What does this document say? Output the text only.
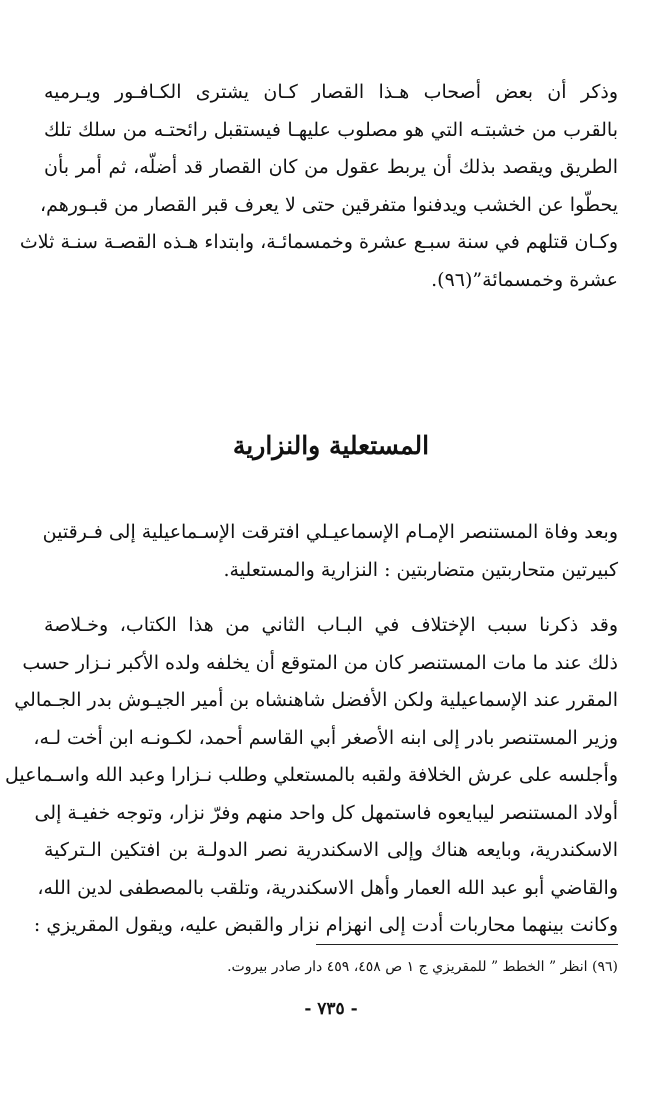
وذكر أن بعض أصحاب هـذا القصار كـان يشترى الكـافـور ويـرميه
بالقرب من خشبتـه التي هو مصلوب عليهـا فيستقبل رائحتـه من سلك تلك
الطريق ويقصد بذلك أن يربط عقول من كان القصار قد أضلّه، ثم أمر بأن
يحطّوا عن الخشب ويدفنوا متفرقين حتى لا يعرف قبر القصار من قبـورهم،
وكـان قتلهم في سنة سبـع عشرة وخمسمائـة، وابتداء هـذه القصـة سنـة ثلاث
عشرة وخمسمائة”(٩٦).

المستعلية والنزارية

وبعد وفاة المستنصر الإمـام الإسماعيـلي افترقت الإسـماعيلية إلى فـرقتين
كبيرتين متحاربتين متضاربتين : النزارية والمستعلية.

وقد ذكرنا سبب الإختلاف في البـاب الثاني من هذا الكتاب، وخـلاصة
ذلك عند ما مات المستنصر كان من المتوقع أن يخلفه ولده الأكبر نـزار حسب
المقرر عند الإسماعيلية ولكن الأفضل شاهنشاه بن أمير الجيـوش بدر الجـمالي
وزير المستنصر بادر إلى ابنه الأصغر أبي القاسم أحمد، لكـونـه ابن أخت لـه،
وأجلسه على عرش الخلافة ولقبه بالمستعلي وطلب نـزارا وعبد الله واسـماعيل
أولاد المستنصر ليبايعوه فاستمهل كل واحد منهم وفرّ نزار، وتوجه خفيـة إلى
الاسكندرية، وبايعه هناك وإلى الاسكندرية نصر الدولـة بن افتكين الـتركية
والقاضي أبو عبد الله العمار وأهل الاسكندرية، وتلقب بالمصطفى لدين الله،
وكانت بينهما محاربات أدت إلى انهزام نزار والقبض عليه، ويقول المقريزي :

(٩٦) انظر ” الخطط ” للمقريزي ج ١ ص ٤٥٨، ٤٥٩ دار صادر بيروت.

- ٧٣٥ -
